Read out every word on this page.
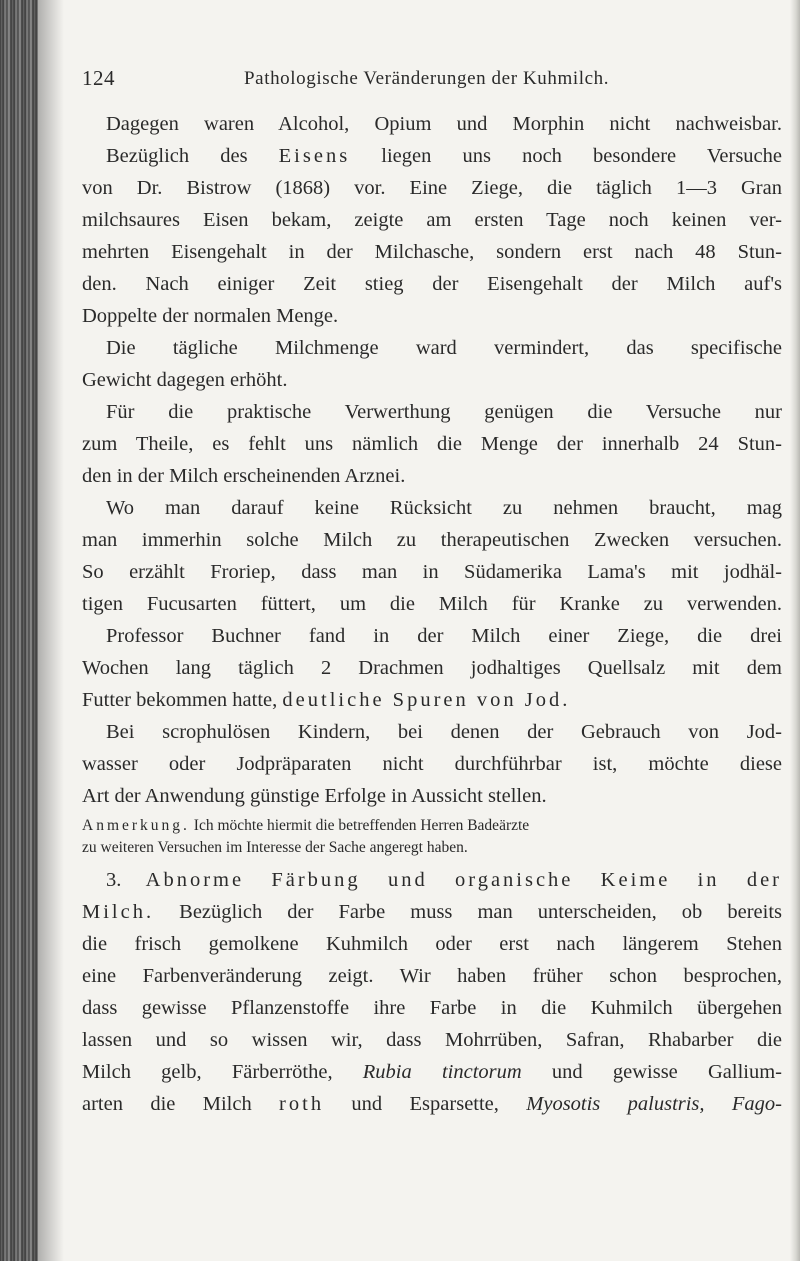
124	Pathologische Veränderungen der Kuhmilch.
Dagegen waren Alcohol, Opium und Morphin nicht nachweisbar.
Bezüglich des Eisens liegen uns noch besondere Versuche
von Dr. Bistrow (1868) vor. Eine Ziege, die täglich 1—3 Gran
milchsaures Eisen bekam, zeigte am ersten Tage noch keinen ver-
mehrten Eisengehalt in der Milchasche, sondern erst nach 48 Stun-
den. Nach einiger Zeit stieg der Eisengehalt der Milch auf's
Doppelte der normalen Menge.
Die tägliche Milchmenge ward vermindert, das specifische
Gewicht dagegen erhöht.
Für die praktische Verwerthung genügen die Versuche nur
zum Theile, es fehlt uns nämlich die Menge der innerhalb 24 Stun-
den in der Milch erscheinenden Arznei.
Wo man darauf keine Rücksicht zu nehmen braucht, mag
man immerhin solche Milch zu therapeutischen Zwecken versuchen.
So erzählt Froriep, dass man in Südamerika Lama's mit jodhäl-
tigen Fucusarten füttert, um die Milch für Kranke zu verwenden.
Professor Buchner fand in der Milch einer Ziege, die drei
Wochen lang täglich 2 Drachmen jodhaltiges Quellsalz mit dem
Futter bekommen hatte, deutliche Spuren von Jod.
Bei scrophulösen Kindern, bei denen der Gebrauch von Jod-
wasser oder Jodpräparaten nicht durchführbar ist, möchte diese
Art der Anwendung günstige Erfolge in Aussicht stellen.
Anmerkung. Ich möchte hiermit die betreffenden Herren Badeärzte
zu weiteren Versuchen im Interesse der Sache angeregt haben.
3. Abnorme Färbung und organische Keime in der
Milch. Bezüglich der Farbe muss man unterscheiden, ob bereits
die frisch gemolkene Kuhmilch oder erst nach längerem Stehen
eine Farbenveränderung zeigt. Wir haben früher schon besprochen,
dass gewisse Pflanzenstoffe ihre Farbe in die Kuhmilch übergehen
lassen und so wissen wir, dass Mohrrüben, Safran, Rhabarber die
Milch gelb, Färberröthe, Rubia tinctorum und gewisse Gallium-
arten die Milch roth und Esparsette, Myosotis palustris, Fago-
